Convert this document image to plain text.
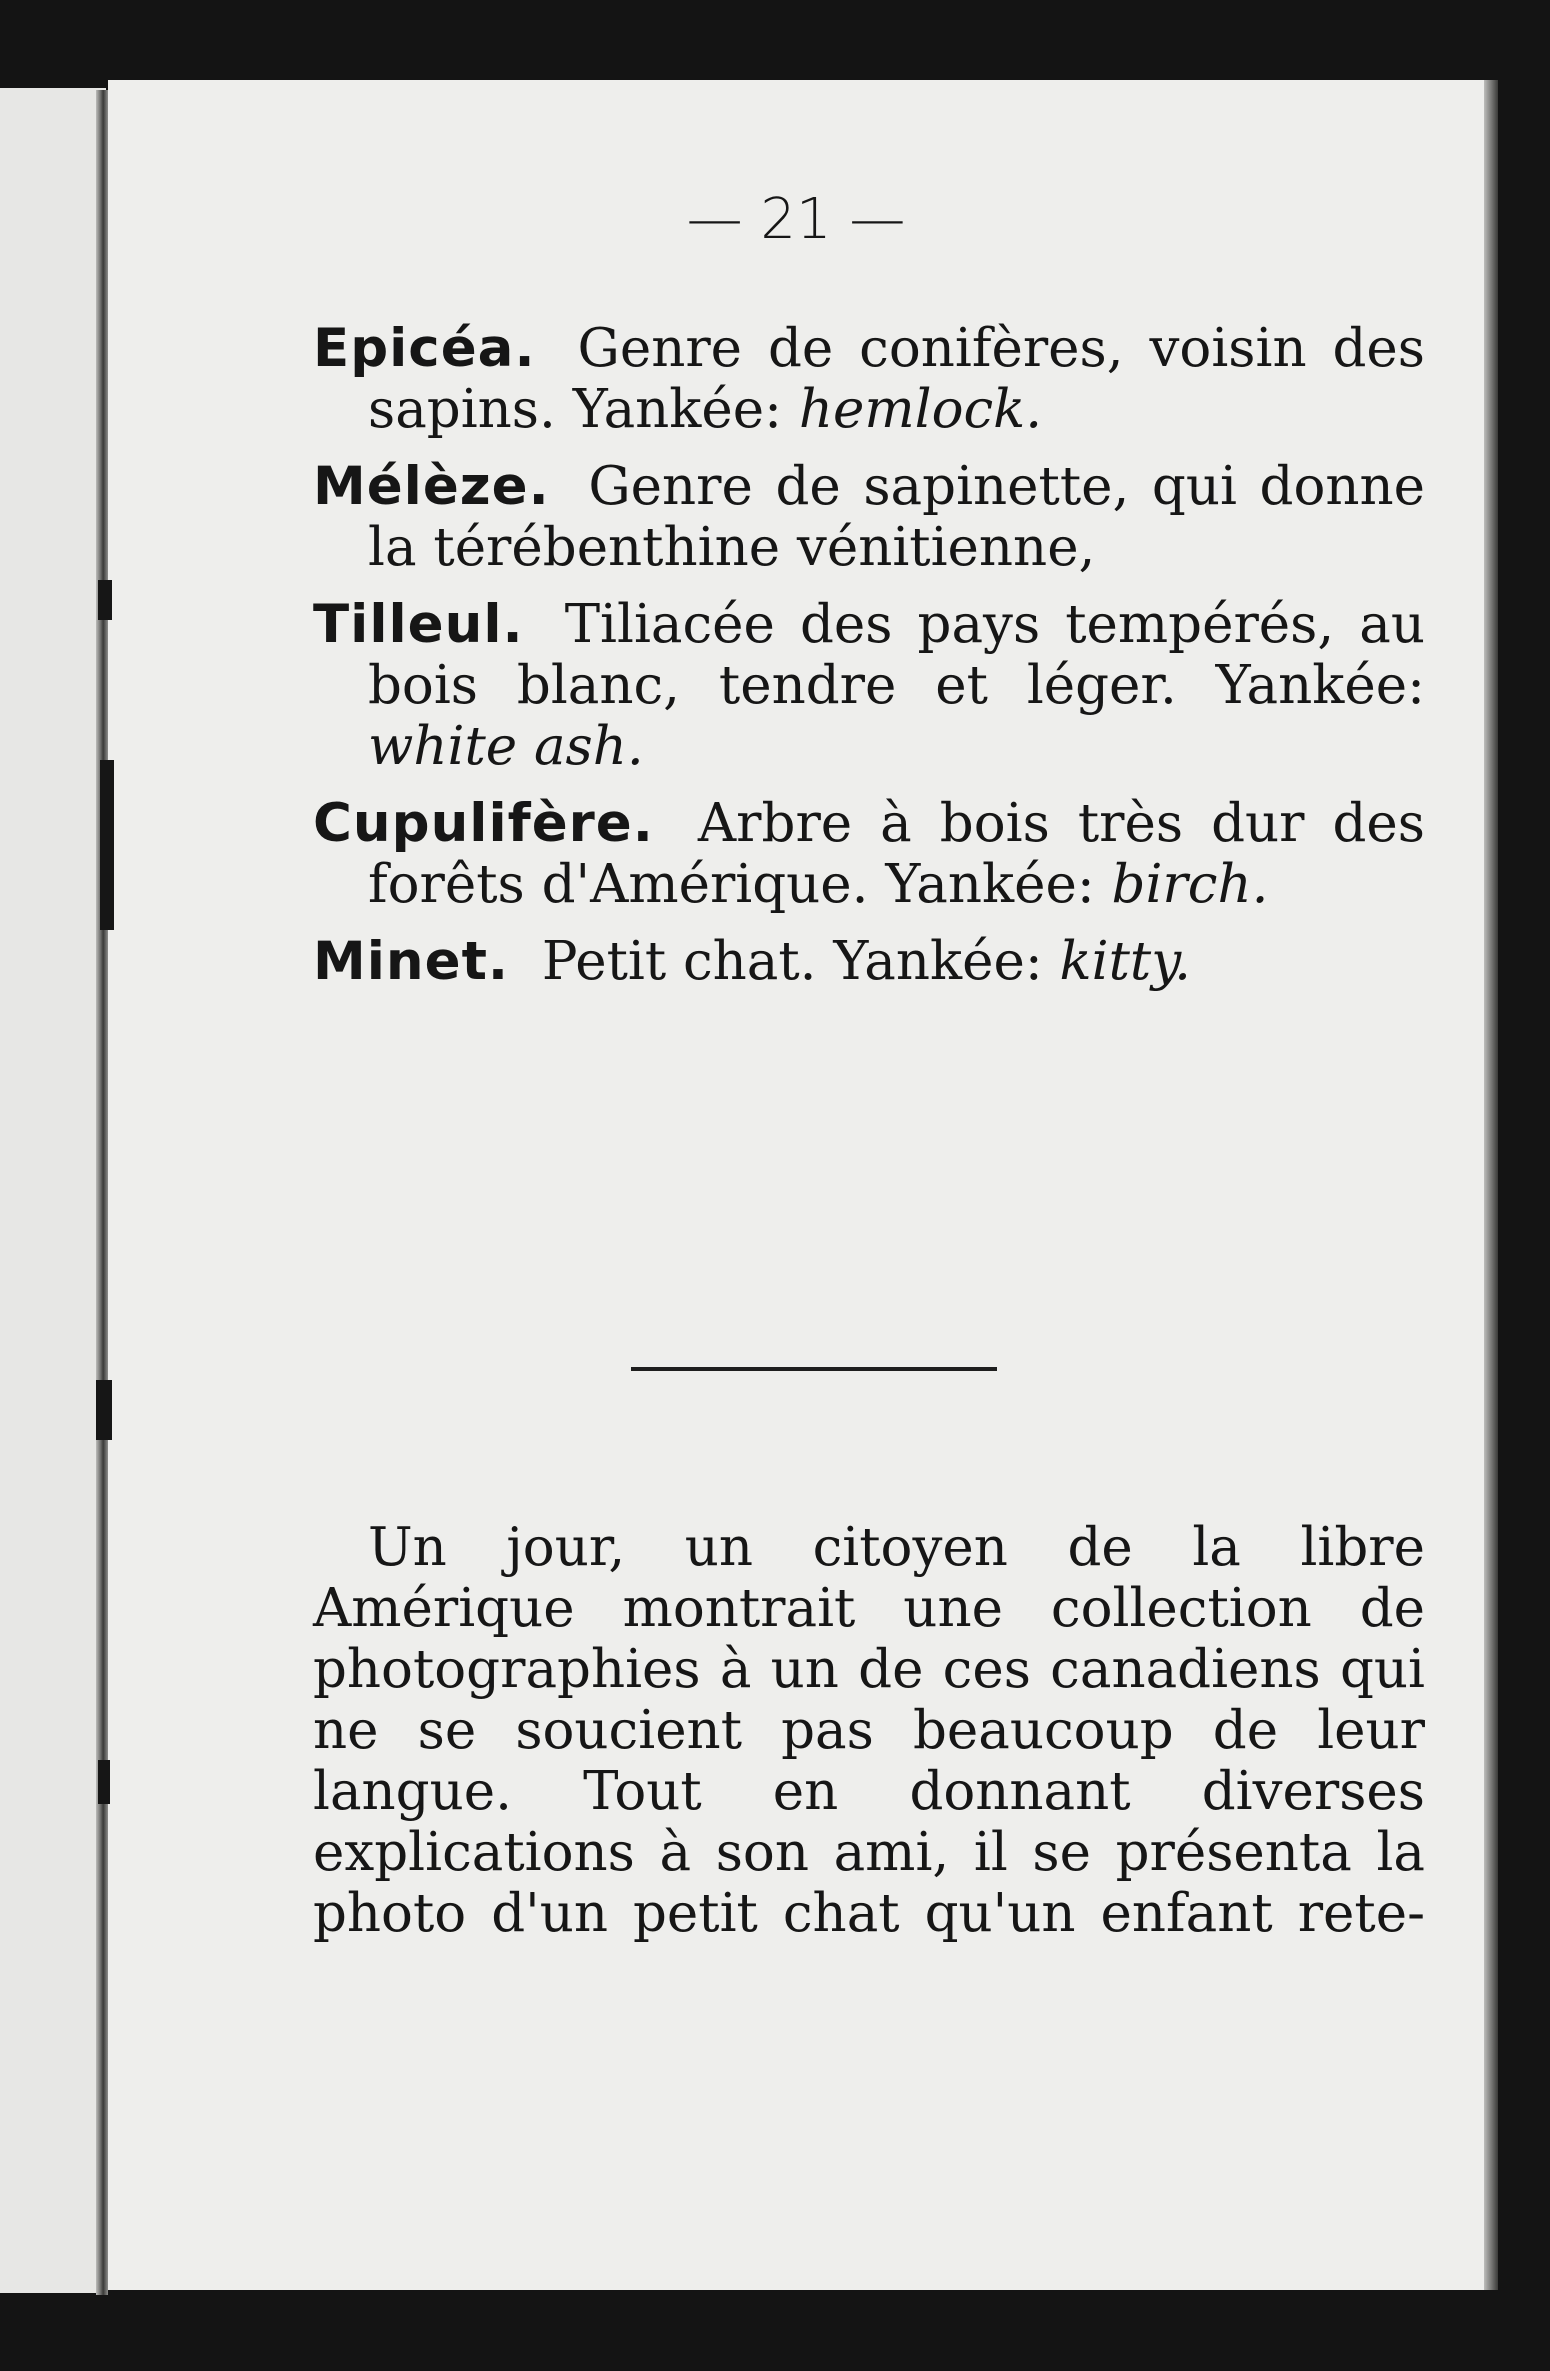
— 21 —

Epicéa. Genre de conifères, voisin des sapins. Yankée: hemlock.

Mélèze. Genre de sapinette, qui donne la térébenthine vénitienne,

Tilleul. Tiliacée des pays tempérés, au bois blanc, tendre et léger. Yankée: white ash.

Cupulifère. Arbre à bois très dur des forêts d'Amérique. Yankée: birch.

Minet. Petit chat. Yankée: kitty.

Un jour, un citoyen de la libre Amérique montrait une collection de photographies à un de ces canadiens qui ne se soucient pas beaucoup de leur langue. Tout en donnant diverses explications à son ami, il se présenta la photo d'un petit chat qu'un enfant rete-
